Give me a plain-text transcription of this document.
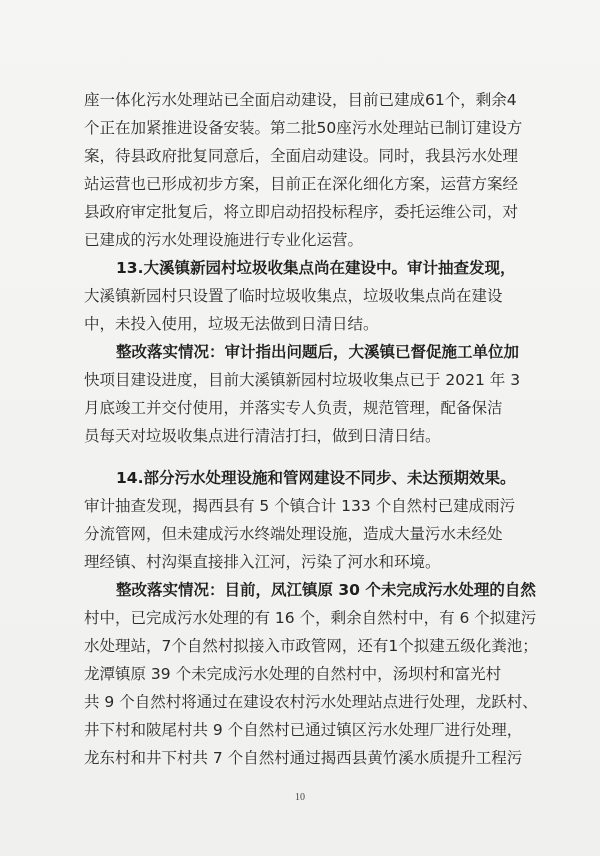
座一体化污水处理站已全面启动建设，目前已建成61个，剩余4
个正在加紧推进设备安装。第二批50座污水处理站已制订建设方
案，待县政府批复同意后，全面启动建设。同时，我县污水处理
站运营也已形成初步方案，目前正在深化细化方案，运营方案经
县政府审定批复后，将立即启动招投标程序，委托运维公司，对
已建成的污水处理设施进行专业化运营。
13.大溪镇新园村垃圾收集点尚在建设中。审计抽查发现，
大溪镇新园村只设置了临时垃圾收集点，垃圾收集点尚在建设
中，未投入使用，垃圾无法做到日清日结。
整改落实情况：审计指出问题后，大溪镇已督促施工单位加
快项目建设进度，目前大溪镇新园村垃圾收集点已于 2021 年 3
月底竣工并交付使用，并落实专人负责，规范管理，配备保洁
员每天对垃圾收集点进行清洁打扫，做到日清日结。
14.部分污水处理设施和管网建设不同步、未达预期效果。
审计抽查发现，揭西县有 5 个镇合计 133 个自然村已建成雨污
分流管网，但未建成污水终端处理设施，造成大量污水未经处
理经镇、村沟渠直接排入江河，污染了河水和环境。
整改落实情况：目前，凤江镇原 30 个未完成污水处理的自然
村中，已完成污水处理的有 16 个，剩余自然村中，有 6 个拟建污
水处理站，7个自然村拟接入市政管网，还有1个拟建五级化粪池；
龙潭镇原 39 个未完成污水处理的自然村中，汤坝村和富光村
共 9 个自然村将通过在建设农村污水处理站点进行处理，龙跃村、
井下村和陂尾村共 9 个自然村已通过镇区污水处理厂进行处理，
龙东村和井下村共 7 个自然村通过揭西县黄竹溪水质提升工程污
10
